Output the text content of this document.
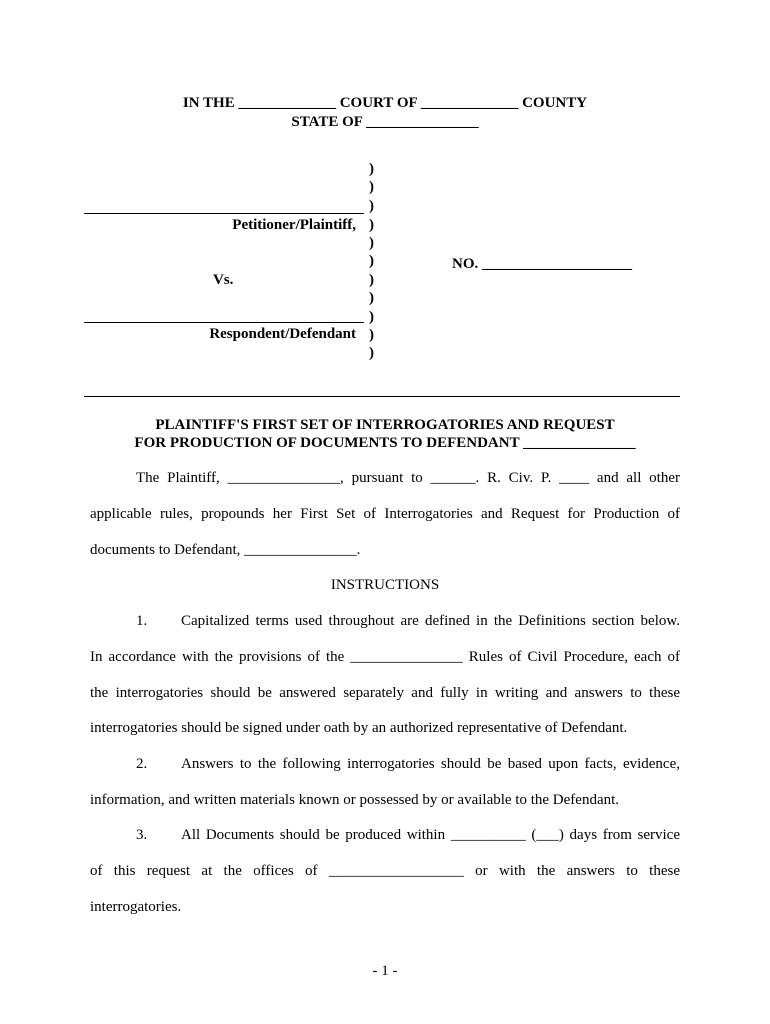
IN THE _____________ COURT OF _____________ COUNTY
STATE OF _______________
)
)
)
)
)
)
)
)
)
)
)
Petitioner/Plaintiff,
Vs.
Respondent/Defendant
NO. ____________________
PLAINTIFF'S FIRST SET OF INTERROGATORIES AND REQUEST
FOR PRODUCTION OF DOCUMENTS TO DEFENDANT _______________
The Plaintiff, _______________, pursuant to ______. R. Civ. P. ____ and all other
applicable rules, propounds her First Set of Interrogatories and Request for Production of
documents to Defendant, _______________.
INSTRUCTIONS
1. Capitalized terms used throughout are defined in the Definitions section below.
In accordance with the provisions of the _______________ Rules of Civil Procedure, each of
the interrogatories should be answered separately and fully in writing and answers to these
interrogatories should be signed under oath by an authorized representative of Defendant.
2. Answers to the following interrogatories should be based upon facts, evidence,
information, and written materials known or possessed by or available to the Defendant.
3. All Documents should be produced within __________ (___) days from service
of this request at the offices of __________________ or with the answers to these
interrogatories.
- 1 -
